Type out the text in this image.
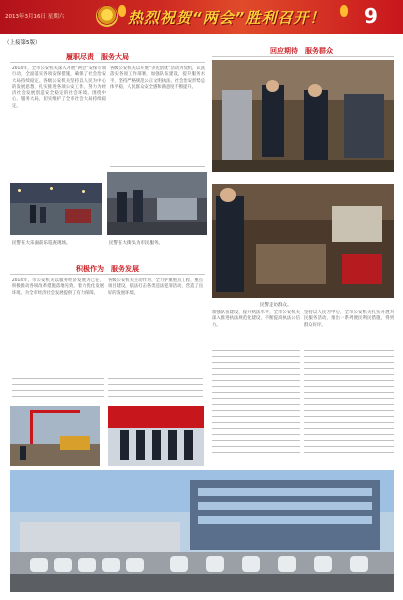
2013年3月16日 星期六	热烈祝贺“两会”胜利召开！ 9
（上接第5版）
履职尽责　服务大局
2014年，全市公安机关深入开展“两会”安保专项行动，全面落实各项安保措施，确保了社会治安大局持续稳定。各级公安机关坚持以人民为中心的发展思想，扎实推进各项公安工作，努力为经济社会发展创造安全稳定的社会环境。围绕中心、服务大局，切实维护了全市社会大局持续稳定。
各级公安机关以开展“争先创优”活动为契机，认真落实各项工作部署，加强队伍建设，提升服务水平，坚持严格规范公正文明执法，社会治安形势总体平稳，人民群众安全感和满意度不断提升。
民警在大乐面前乐巡查现场。	民警在大街头为市民服务。
回应期待　服务群众
民警走访群众。
积极作为　服务发展
2014年，市公安机关以服务经济发展为己任，积极推动各项改革措施落地见效，着力优化发展环境，为全市经济社会发展提供了有力保障。
各级公安机关主动作为，全力护航重点工程、重点项目建设，依法打击各类违法犯罪活动，营造了良好的发展环境。
加强队伍建设，提升执法水平，全市公安机关深入推进执法规范化建设，不断提高执法公信力。
坚持以人民为中心，全市公安机关扎实开展为民服务活动，推出一系列便民利民措施，得到群众好评。
